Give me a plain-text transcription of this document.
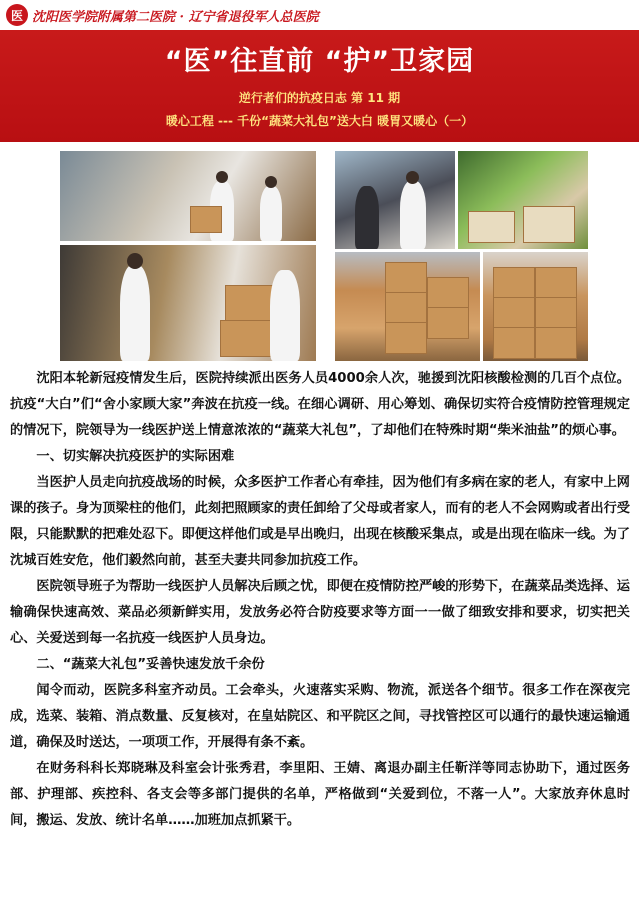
医 沈阳医学院附属第二医院 · 辽宁省退役军人总医院
“医”往直前 “护”卫家园
逆行者们的抗疫日志 第 11 期
暖心工程 --- 千份“蔬菜大礼包”送大白 暖胃又暖心（一）

沈阳本轮新冠疫情发生后，医院持续派出医务人员4000余人次，驰援到沈阳核酸检测的几百个点位。抗疫“大白”们“舍小家顾大家”奔波在抗疫一线。在细心调研、用心筹划、确保切实符合疫情防控管理规定的情况下，院领导为一线医护送上情意浓浓的“蔬菜大礼包”，了却他们在特殊时期“柴米油盐”的烦心事。

一、切实解决抗疫医护的实际困难

当医护人员走向抗疫战场的时候，众多医护工作者心有牵挂，因为他们有多病在家的老人，有家中上网课的孩子。身为顶梁柱的他们，此刻把照顾家的责任卸给了父母或者家人，而有的老人不会网购或者出行受限，只能默默的把难处忍下。即便这样他们或是早出晚归，出现在核酸采集点，或是出现在临床一线。为了沈城百姓安危，他们毅然向前，甚至夫妻共同参加抗疫工作。

医院领导班子为帮助一线医护人员解决后顾之忧，即便在疫情防控严峻的形势下，在蔬菜品类选择、运输确保快速高效、菜品必须新鲜实用，发放务必符合防疫要求等方面一一做了细致安排和要求，切实把关心、关爱送到每一名抗疫一线医护人员身边。

二、“蔬菜大礼包”妥善快速发放千余份

闻令而动，医院多科室齐动员。工会牵头，火速落实采购、物流，派送各个细节。很多工作在深夜完成，选菜、装箱、消点数量、反复核对，在皇姑院区、和平院区之间，寻找管控区可以通行的最快速运输通道，确保及时送达，一项项工作，开展得有条不紊。

在财务科科长郑晓琳及科室会计张秀君，李里阳、王婧、离退办副主任靳洋等同志协助下，通过医务部、护理部、疾控科、各支会等多部门提供的名单，严格做到“关爱到位，不落一人”。大家放弃休息时间，搬运、发放、统计名单……加班加点抓紧干。
